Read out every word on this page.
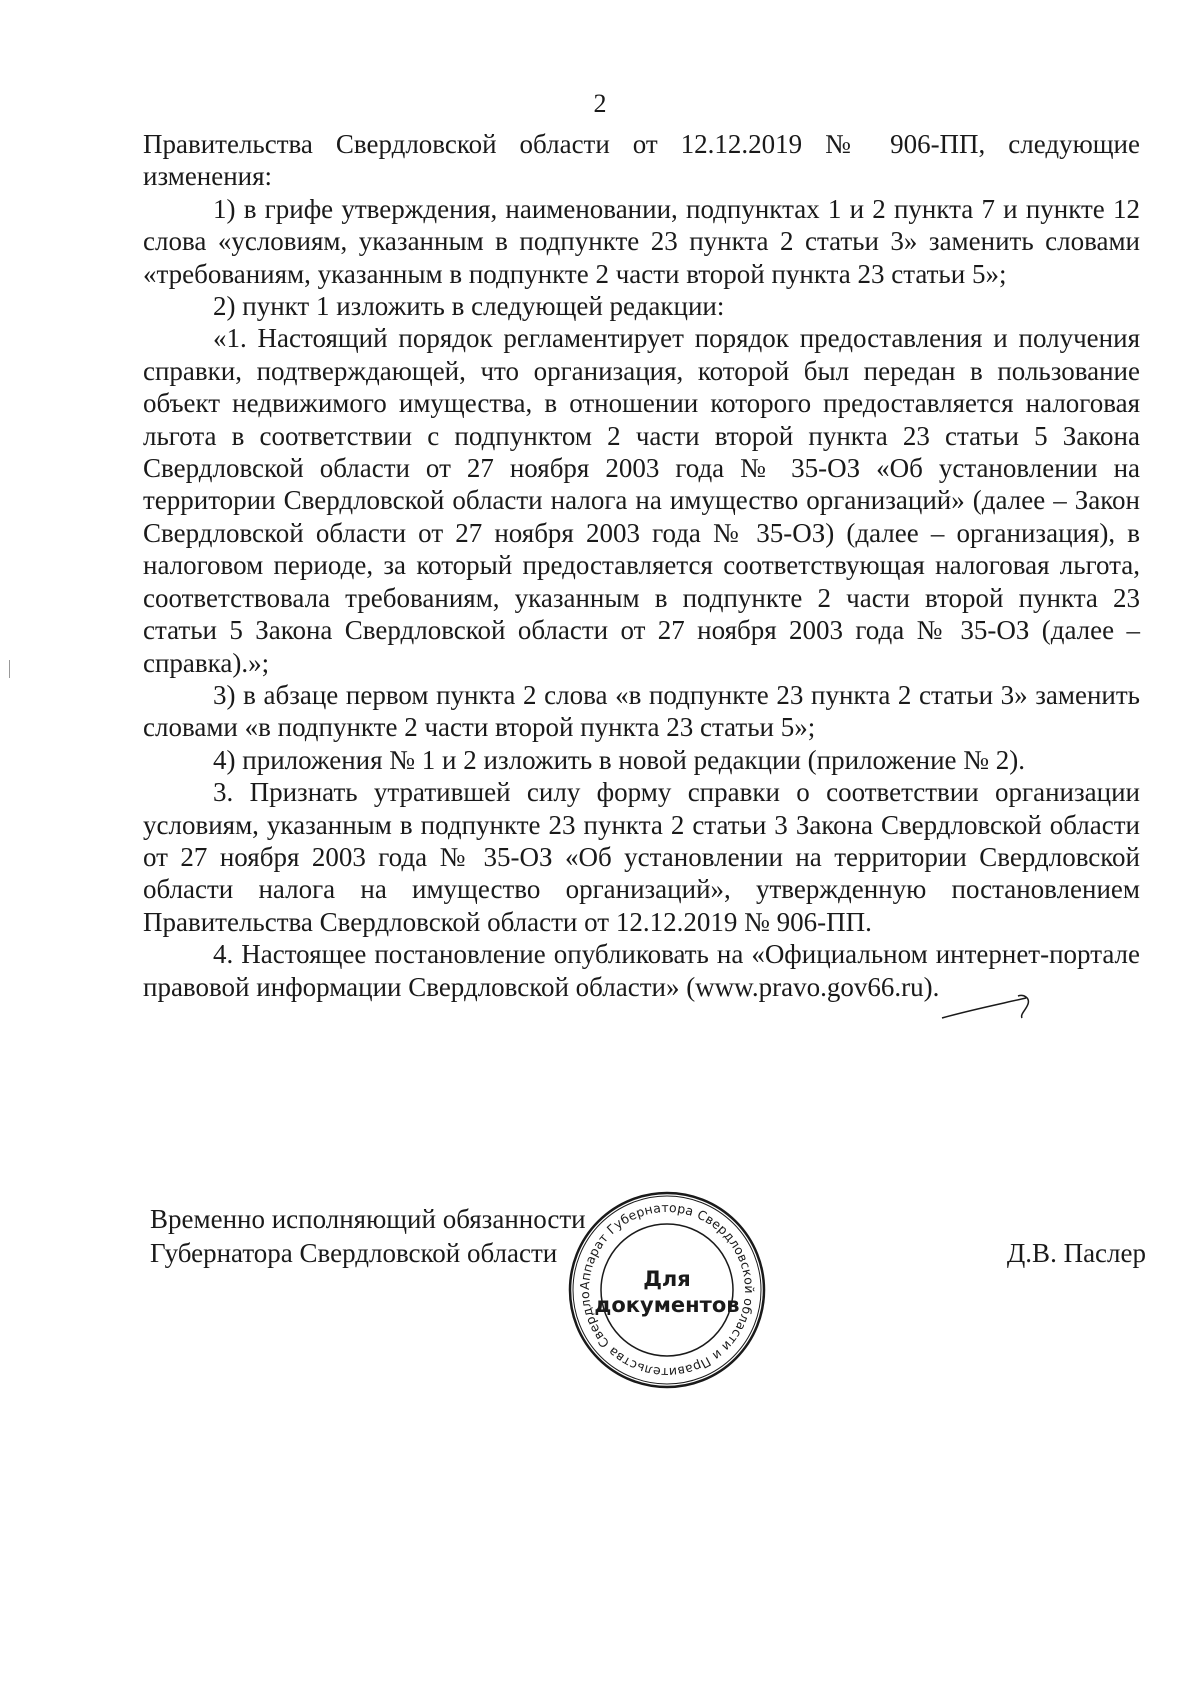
2

Правительства Свердловской области от 12.12.2019 № 906-ПП, следующие изменения:

1) в грифе утверждения, наименовании, подпунктах 1 и 2 пункта 7 и пункте 12 слова «условиям, указанным в подпункте 23 пункта 2 статьи 3» заменить словами «требованиям, указанным в подпункте 2 части второй пункта 23 статьи 5»;

2) пункт 1 изложить в следующей редакции:

«1. Настоящий порядок регламентирует порядок предоставления и получения справки, подтверждающей, что организация, которой был передан в пользование объект недвижимого имущества, в отношении которого предоставляется налоговая льгота в соответствии с подпунктом 2 части второй пункта 23 статьи 5 Закона Свердловской области от 27 ноября 2003 года № 35-ОЗ «Об установлении на территории Свердловской области налога на имущество организаций» (далее – Закон Свердловской области от 27 ноября 2003 года № 35-ОЗ) (далее – организация), в налоговом периоде, за который предоставляется соответствующая налоговая льгота, соответствовала требованиям, указанным в подпункте 2 части второй пункта 23 статьи 5 Закона Свердловской области от 27 ноября 2003 года № 35-ОЗ (далее – справка).»;

3) в абзаце первом пункта 2 слова «в подпункте 23 пункта 2 статьи 3» заменить словами «в подпункте 2 части второй пункта 23 статьи 5»;

4) приложения № 1 и 2 изложить в новой редакции (приложение № 2).

3. Признать утратившей силу форму справки о соответствии организации условиям, указанным в подпункте 23 пункта 2 статьи 3 Закона Свердловской области от 27 ноября 2003 года № 35-ОЗ «Об установлении на территории Свердловской области налога на имущество организаций», утвержденную постановлением Правительства Свердловской области от 12.12.2019 № 906-ПП.

4. Настоящее постановление опубликовать на «Официальном интернет-портале правовой информации Свердловской области» (www.pravo.gov66.ru).

Временно исполняющий обязанности
Губернатора Свердловской области	Д.В. Паслер
Аппарат Губернатора Свердловской области и Правительства Свердло
Для
документов
